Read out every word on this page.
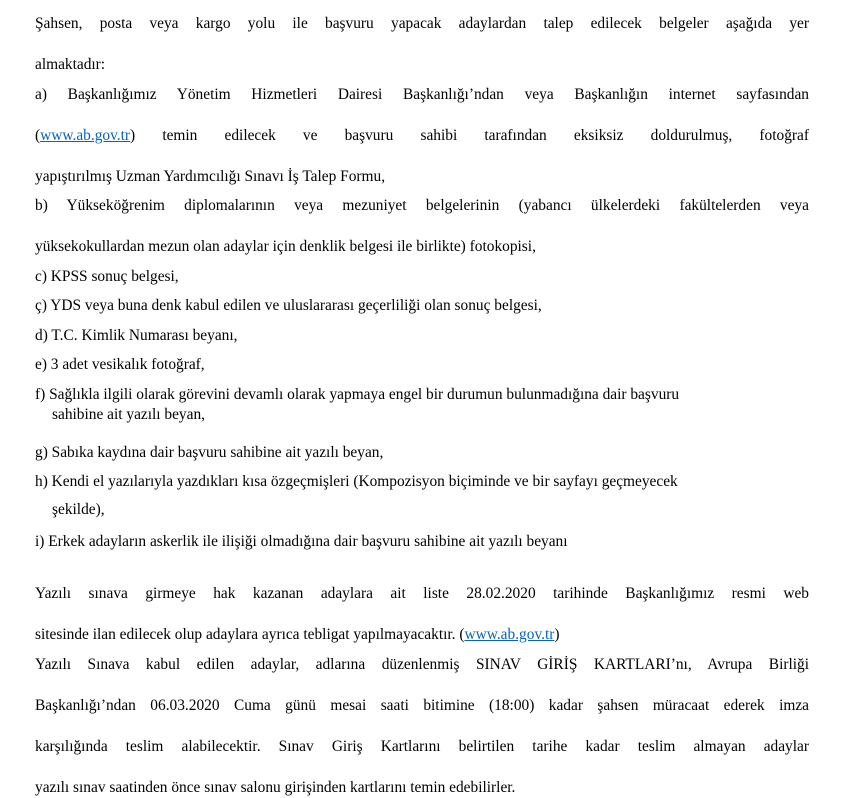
Şahsen, posta veya kargo yolu ile başvuru yapacak adaylardan talep edilecek belgeler aşağıda yer

almaktadır:

a) Başkanlığımız Yönetim Hizmetleri Dairesi Başkanlığı’ndan veya Başkanlığın internet sayfasından

(www.ab.gov.tr) temin edilecek ve başvuru sahibi tarafından eksiksiz doldurulmuş, fotoğraf

yapıştırılmış Uzman Yardımcılığı Sınavı İş Talep Formu,

b) Yükseköğrenim diplomalarının veya mezuniyet belgelerinin (yabancı ülkelerdeki fakültelerden veya

yüksekokullardan mezun olan adaylar için denklik belgesi ile birlikte) fotokopisi,

c) KPSS sonuç belgesi,

ç) YDS veya buna denk kabul edilen ve uluslararası geçerliliği olan sonuç belgesi,

d) T.C. Kimlik Numarası beyanı,

e) 3 adet vesikalık fotoğraf,

f) Sağlıkla ilgili olarak görevini devamlı olarak yapmaya engel bir durumun bulunmadığına dair başvuru

sahibine ait yazılı beyan,

g) Sabıka kaydına dair başvuru sahibine ait yazılı beyan,

h) Kendi el yazılarıyla yazdıkları kısa özgeçmişleri (Kompozisyon biçiminde ve bir sayfayı geçmeyecek

şekilde),

i) Erkek adayların askerlik ile ilişiği olmadığına dair başvuru sahibine ait yazılı beyanı

Yazılı sınava girmeye hak kazanan adaylara ait liste 28.02.2020 tarihinde Başkanlığımız resmi web

sitesinde ilan edilecek olup adaylara ayrıca tebligat yapılmayacaktır. (www.ab.gov.tr)

Yazılı Sınava kabul edilen adaylar, adlarına düzenlenmiş SINAV GİRİŞ KARTLARI’nı, Avrupa Birliği

Başkanlığı’ndan 06.03.2020 Cuma günü mesai saati bitimine (18:00) kadar şahsen müracaat ederek imza

karşılığında teslim alabilecektir. Sınav Giriş Kartlarını belirtilen tarihe kadar teslim almayan adaylar

yazılı sınav saatinden önce sınav salonu girişinden kartlarını temin edebilirler.
